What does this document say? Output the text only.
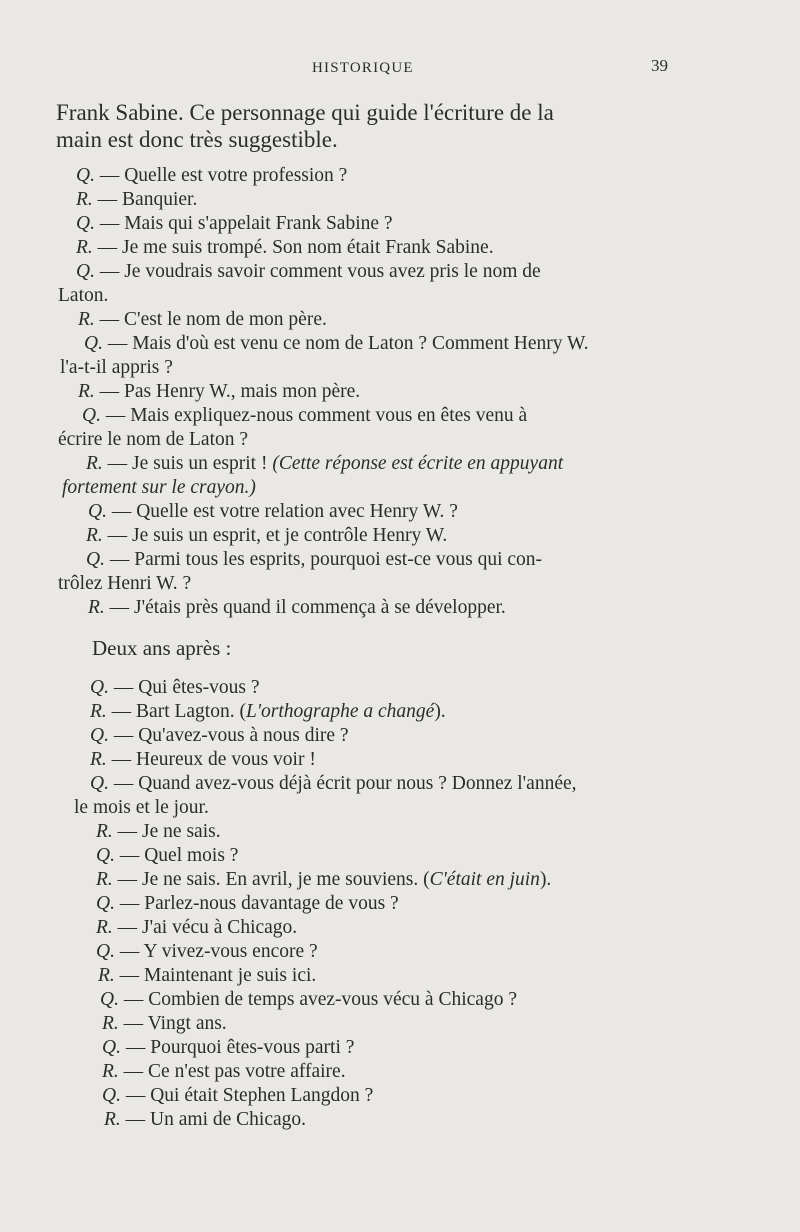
HISTORIQUE	39
Frank Sabine. Ce personnage qui guide l'écriture de la
main est donc très suggestible.
Q. — Quelle est votre profession ?
R. — Banquier.
Q. — Mais qui s'appelait Frank Sabine ?
R. — Je me suis trompé. Son nom était Frank Sabine.
Q. — Je voudrais savoir comment vous avez pris le nom de
Laton.
R. — C'est le nom de mon père.
Q. — Mais d'où est venu ce nom de Laton ? Comment Henry W.
l'a-t-il appris ?
R. — Pas Henry W., mais mon père.
Q. — Mais expliquez-nous comment vous en êtes venu à
écrire le nom de Laton ?
R. — Je suis un esprit ! (Cette réponse est écrite en appuyant
fortement sur le crayon.)
Q. — Quelle est votre relation avec Henry W. ?
R. — Je suis un esprit, et je contrôle Henry W.
Q. — Parmi tous les esprits, pourquoi est-ce vous qui con-
trôlez Henri W. ?
R. — J'étais près quand il commença à se développer.
Deux ans après :
Q. — Qui êtes-vous ?
R. — Bart Lagton. (L'orthographe a changé).
Q. — Qu'avez-vous à nous dire ?
R. — Heureux de vous voir !
Q. — Quand avez-vous déjà écrit pour nous ? Donnez l'année,
le mois et le jour.
R. — Je ne sais.
Q. — Quel mois ?
R. — Je ne sais. En avril, je me souviens. (C'était en juin).
Q. — Parlez-nous davantage de vous ?
R. — J'ai vécu à Chicago.
Q. — Y vivez-vous encore ?
R. — Maintenant je suis ici.
Q. — Combien de temps avez-vous vécu à Chicago ?
R. — Vingt ans.
Q. — Pourquoi êtes-vous parti ?
R. — Ce n'est pas votre affaire.
Q. — Qui était Stephen Langdon ?
R. — Un ami de Chicago.
